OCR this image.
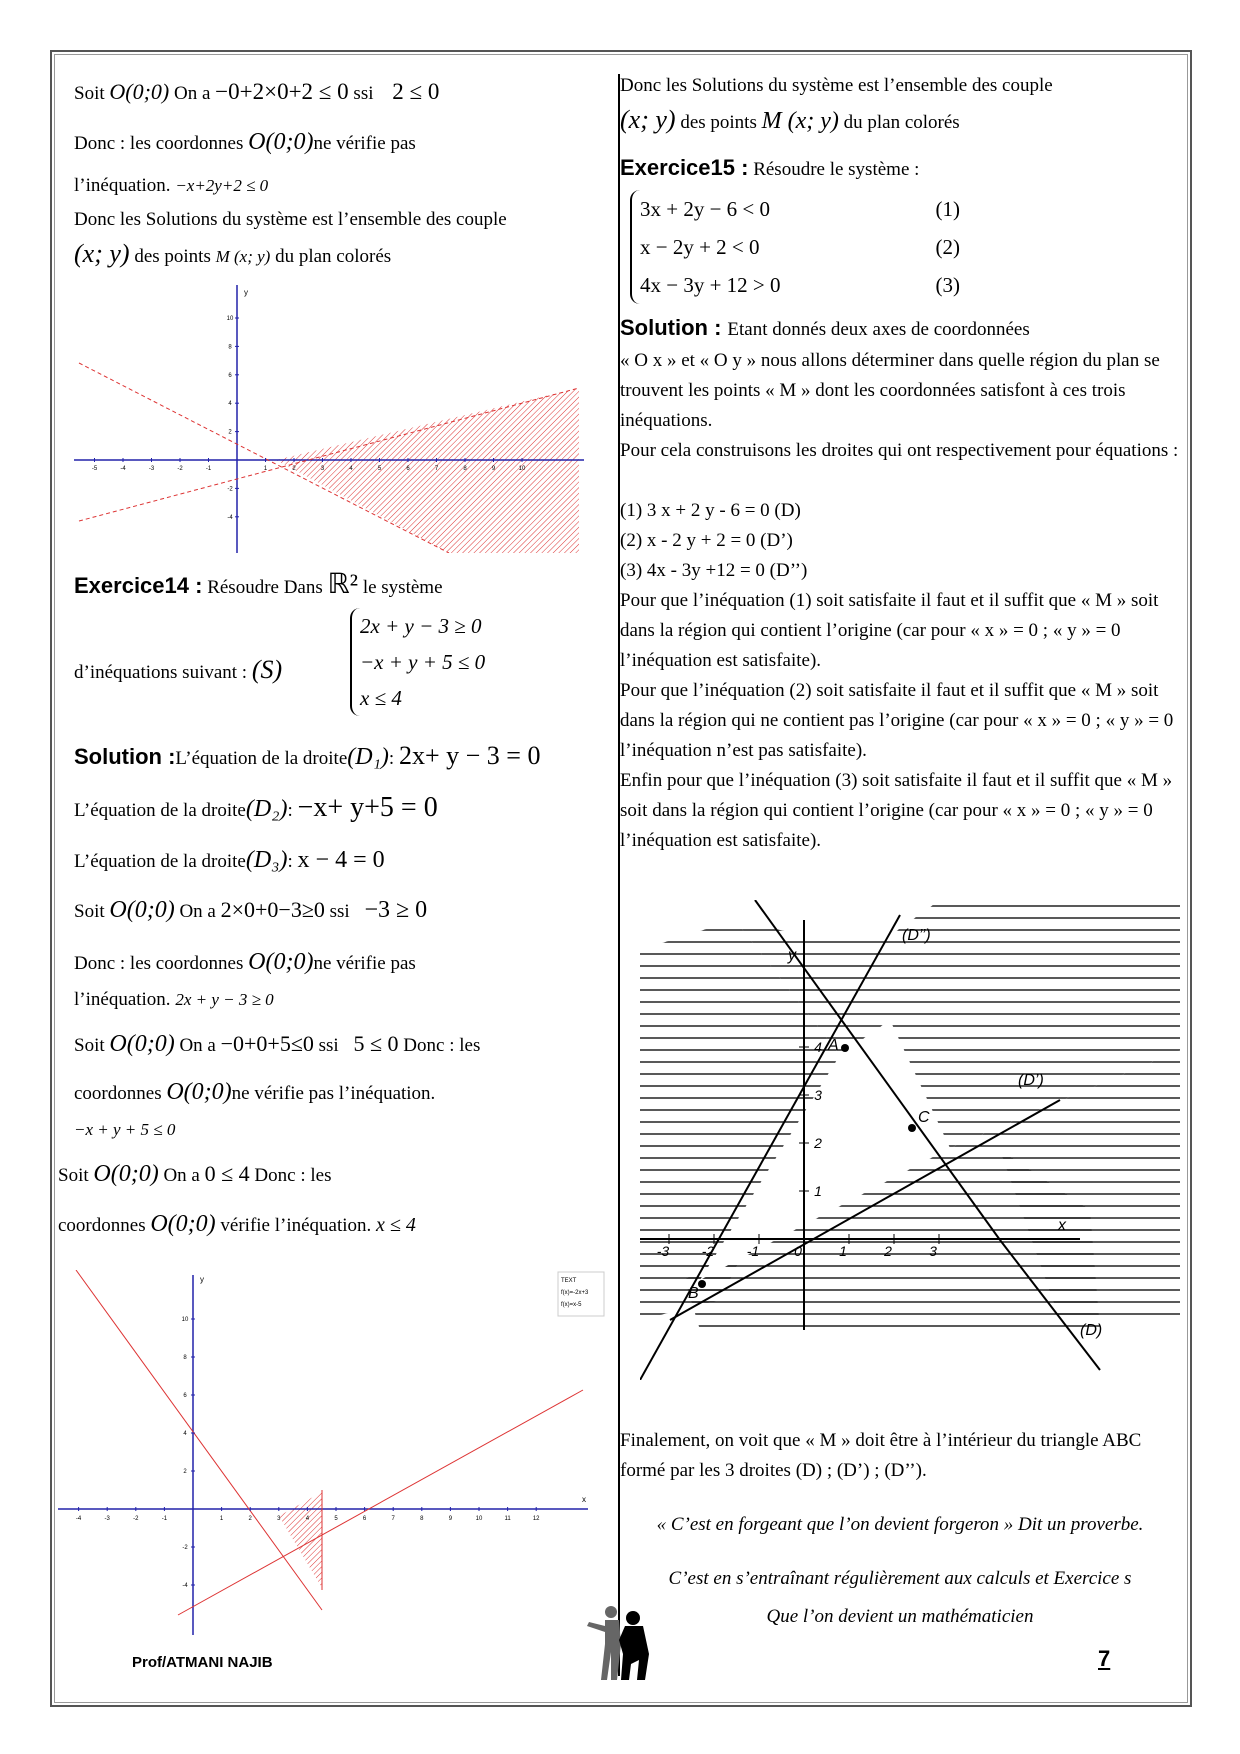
Soit O(0;0) On a −0+2×0+2 ≤ 0 ssi 2 ≤ 0
Donc : les coordonnes O(0;0)ne vérifie pas
l’inéquation. −x+2y+2 ≤ 0
Donc les Solutions du système est l’ensemble des couple
(x; y) des points M (x; y) du plan colorés
y
-5	-4	-3	-2	-1	1	2	3	4	5	6	7	8	9	10
10
8
6
4
2
-2
-4
Exercice14 : Résoudre Dans ℝ² le système
d’inéquations suivant : (S)
2x + y − 3 ≥ 0
−x + y + 5 ≤ 0
x ≤ 4
Solution :L’équation de la droite(D₁): 2x+ y − 3 = 0
L’équation de la droite(D₂): −x+ y+5 = 0
L’équation de la droite(D₃): x − 4 = 0
Soit O(0;0) On a 2×0+0−3≥0 ssi −3 ≥ 0
Donc : les coordonnes O(0;0)ne vérifie pas
l’inéquation. 2x + y − 3 ≥ 0
Soit O(0;0) On a −0+0+5≤0 ssi 5 ≤ 0 Donc : les
coordonnes O(0;0)ne vérifie pas l’inéquation.
−x + y + 5 ≤ 0
Soit O(0;0) On a 0 ≤ 4 Donc : les
coordonnes O(0;0) vérifie l’inéquation. x ≤ 4
y
x
TEXT
f(x)=-2x+3
f(x)=x-5
-4	-3	-2	-1	1	2	3	4	5	6	7	8	9	10	11	12
10
8
6
4
2
-2
-4
Donc les Solutions du système est l’ensemble des couple
(x; y) des points M (x; y) du plan colorés
Exercice15 : Résoudre le système :
3x + 2y − 6 < 0	(1)
x − 2y + 2 < 0	(2)
4x − 3y + 12 > 0	(3)
Solution : Etant donnés deux axes de coordonnées
« O x » et « O y » nous allons déterminer dans quelle région du plan se trouvent les points « M » dont les coordonnées satisfont à ces trois inéquations.
Pour cela construisons les droites qui ont respectivement pour équations :
(1) 3 x + 2 y - 6 = 0 (D)
(2) x - 2 y + 2 = 0 (D’)
(3) 4x - 3y +12 = 0 (D’’)
Pour que l’inéquation (1) soit satisfaite il faut et il suffit que « M » soit dans la région qui contient l’origine (car pour « x » = 0 ; « y » = 0 l’inéquation est satisfaite).
Pour que l’inéquation (2) soit satisfaite il faut et il suffit que « M » soit dans la région qui ne contient pas l’origine (car pour « x » = 0 ; « y » = 0 l’inéquation n’est pas satisfaite).
Enfin pour que l’inéquation (3) soit satisfaite il faut et il suffit que « M » soit dans la région qui contient l’origine (car pour « x » = 0 ; « y » = 0 l’inéquation est satisfaite).
A
C
B
(D’’)
(D’)
(D)
x
y
-3 -2 -1 0	1	2	3
4
3
2
1
Finalement, on voit que « M » doit être à l’intérieur du triangle ABC formé par les 3 droites (D) ; (D’) ; (D’’).
« C’est en forgeant que l’on devient forgeron » Dit un proverbe.
C’est en s’entraînant régulièrement aux calculs et Exercice s
Que l’on devient un mathématicien
Prof/ATMANI NAJIB	7
